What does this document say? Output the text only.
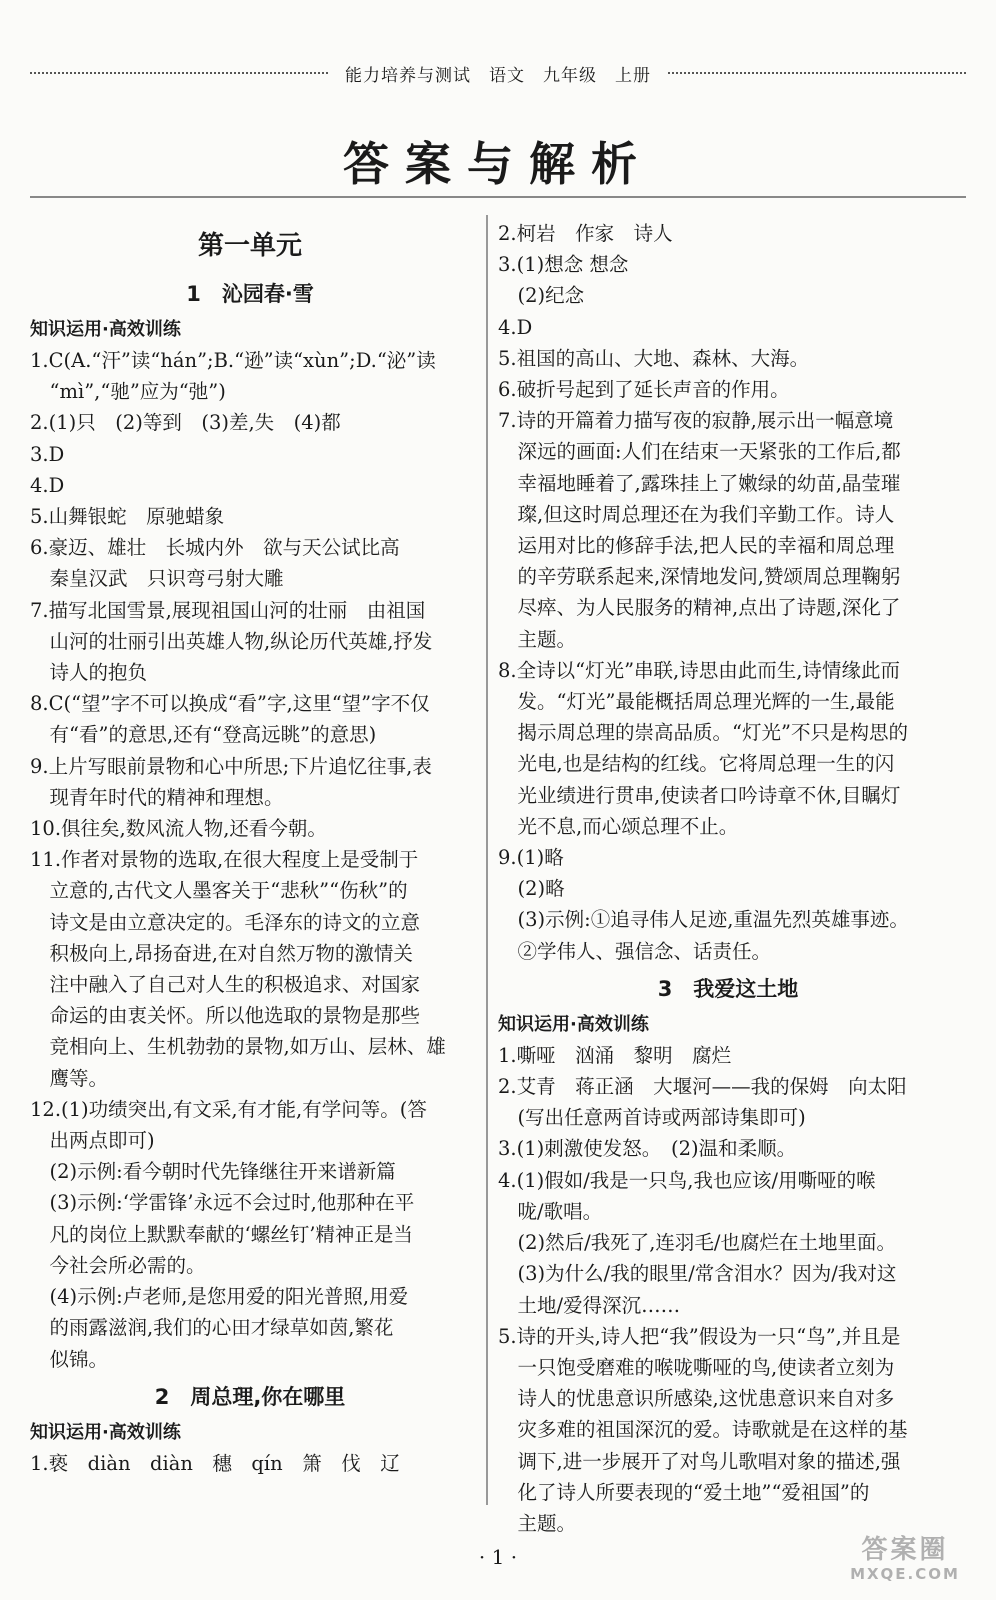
能力培养与测试 语文 九年级 上册
答案与解析
第一单元
1　沁园春·雪
知识运用·高效训练
1.C(A.“汗”读“hán”;B.“逊”读“xùn”;D.“泌”读
　“mì”,“驰”应为“弛”)
2.(1)只　(2)等到　(3)差,失　(4)都
3.D
4.D
5.山舞银蛇　原驰蜡象
6.豪迈、雄壮　长城内外　欲与天公试比高
　秦皇汉武　只识弯弓射大雕
7.描写北国雪景,展现祖国山河的壮丽　由祖国
　山河的壮丽引出英雄人物,纵论历代英雄,抒发
　诗人的抱负
8.C(“望”字不可以换成“看”字,这里“望”字不仅
　有“看”的意思,还有“登高远眺”的意思)
9.上片写眼前景物和心中所思;下片追忆往事,表
　现青年时代的精神和理想。
10.俱往矣,数风流人物,还看今朝。
11.作者对景物的选取,在很大程度上是受制于
　立意的,古代文人墨客关于“悲秋”“伤秋”的
　诗文是由立意决定的。毛泽东的诗文的立意
　积极向上,昂扬奋进,在对自然万物的激情关
　注中融入了自己对人生的积极追求、对国家
　命运的由衷关怀。所以他选取的景物是那些
　竞相向上、生机勃勃的景物,如万山、层林、雄
　鹰等。
12.(1)功绩突出,有文采,有才能,有学问等。(答
　出两点即可)
　(2)示例:看今朝时代先锋继往开来谱新篇
　(3)示例:‘学雷锋’永远不会过时,他那种在平
　凡的岗位上默默奉献的‘螺丝钉’精神正是当
　今社会所必需的。
　(4)示例:卢老师,是您用爱的阳光普照,用爱
　的雨露滋润,我们的心田才绿草如茵,繁花
　似锦。
2　周总理,你在哪里
知识运用·高效训练
1.亵　diàn　diàn　穗　qín　箫　伐　辽
2.柯岩　作家　诗人
3.(1)想念 想念
　(2)纪念
4.D
5.祖国的高山、大地、森林、大海。
6.破折号起到了延长声音的作用。
7.诗的开篇着力描写夜的寂静,展示出一幅意境
　深远的画面:人们在结束一天紧张的工作后,都
　幸福地睡着了,露珠挂上了嫩绿的幼苗,晶莹璀
　璨,但这时周总理还在为我们辛勤工作。诗人
　运用对比的修辞手法,把人民的幸福和周总理
　的辛劳联系起来,深情地发问,赞颂周总理鞠躬
　尽瘁、为人民服务的精神,点出了诗题,深化了
　主题。
8.全诗以“灯光”串联,诗思由此而生,诗情缘此而
　发。“灯光”最能概括周总理光辉的一生,最能
　揭示周总理的崇高品质。“灯光”不只是构思的
　光电,也是结构的红线。它将周总理一生的闪
　光业绩进行贯串,使读者口吟诗章不休,目瞩灯
　光不息,而心颂总理不止。
9.(1)略
　(2)略
　(3)示例:①追寻伟人足迹,重温先烈英雄事迹。
　②学伟人、强信念、话责任。
3　我爱这土地
知识运用·高效训练
1.嘶哑　汹涌　黎明　腐烂
2.艾青　蒋正涵　大堰河——我的保姆　向太阳
　(写出任意两首诗或两部诗集即可)
3.(1)刺激使发怒。　(2)温和柔顺。
4.(1)假如/我是一只鸟,我也应该/用嘶哑的喉
　咙/歌唱。
　(2)然后/我死了,连羽毛/也腐烂在土地里面。
　(3)为什么/我的眼里/常含泪水？因为/我对这
　土地/爱得深沉……
5.诗的开头,诗人把“我”假设为一只“鸟”,并且是
　一只饱受磨难的喉咙嘶哑的鸟,使读者立刻为
　诗人的忧患意识所感染,这忧患意识来自对多
　灾多难的祖国深沉的爱。诗歌就是在这样的基
　调下,进一步展开了对鸟儿歌唱对象的描述,强
　化了诗人所要表现的“爱土地”“爱祖国”的
　主题。
· 1 ·	答案圈
MXQE.COM
